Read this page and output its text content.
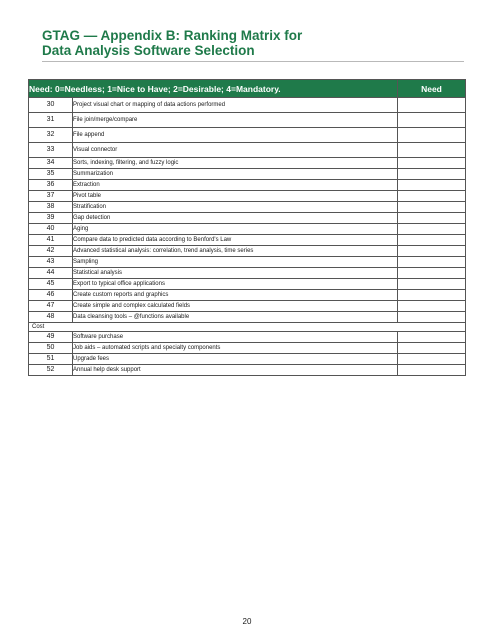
GTAG — Appendix B: Ranking Matrix for
Data Analysis Software Selection
Need: 0=Needless; 1=Nice to Have; 2=Desirable; 4=Mandatory.		Need
30	Project visual chart or mapping of data actions performed	
31	File join/merge/compare	
32	File append	
33	Visual connector	
34	Sorts, indexing, filtering, and fuzzy logic	
35	Summarization	
36	Extraction	
37	Pivot table	
38	Stratification	
39	Gap detection	
40	Aging	
41	Compare data to predicted data according to Benford's Law	
42	Advanced statistical analysis: correlation, trend analysis, time series	
43	Sampling	
44	Statistical analysis	
45	Export to typical office applications	
46	Create custom reports and graphics	
47	Create simple and complex calculated fields	
48	Data cleansing tools – @functions available	
Cost		
49	Software purchase	
50	Job aids – automated scripts and specialty components	
51	Upgrade fees	
52	Annual help desk support	
20
